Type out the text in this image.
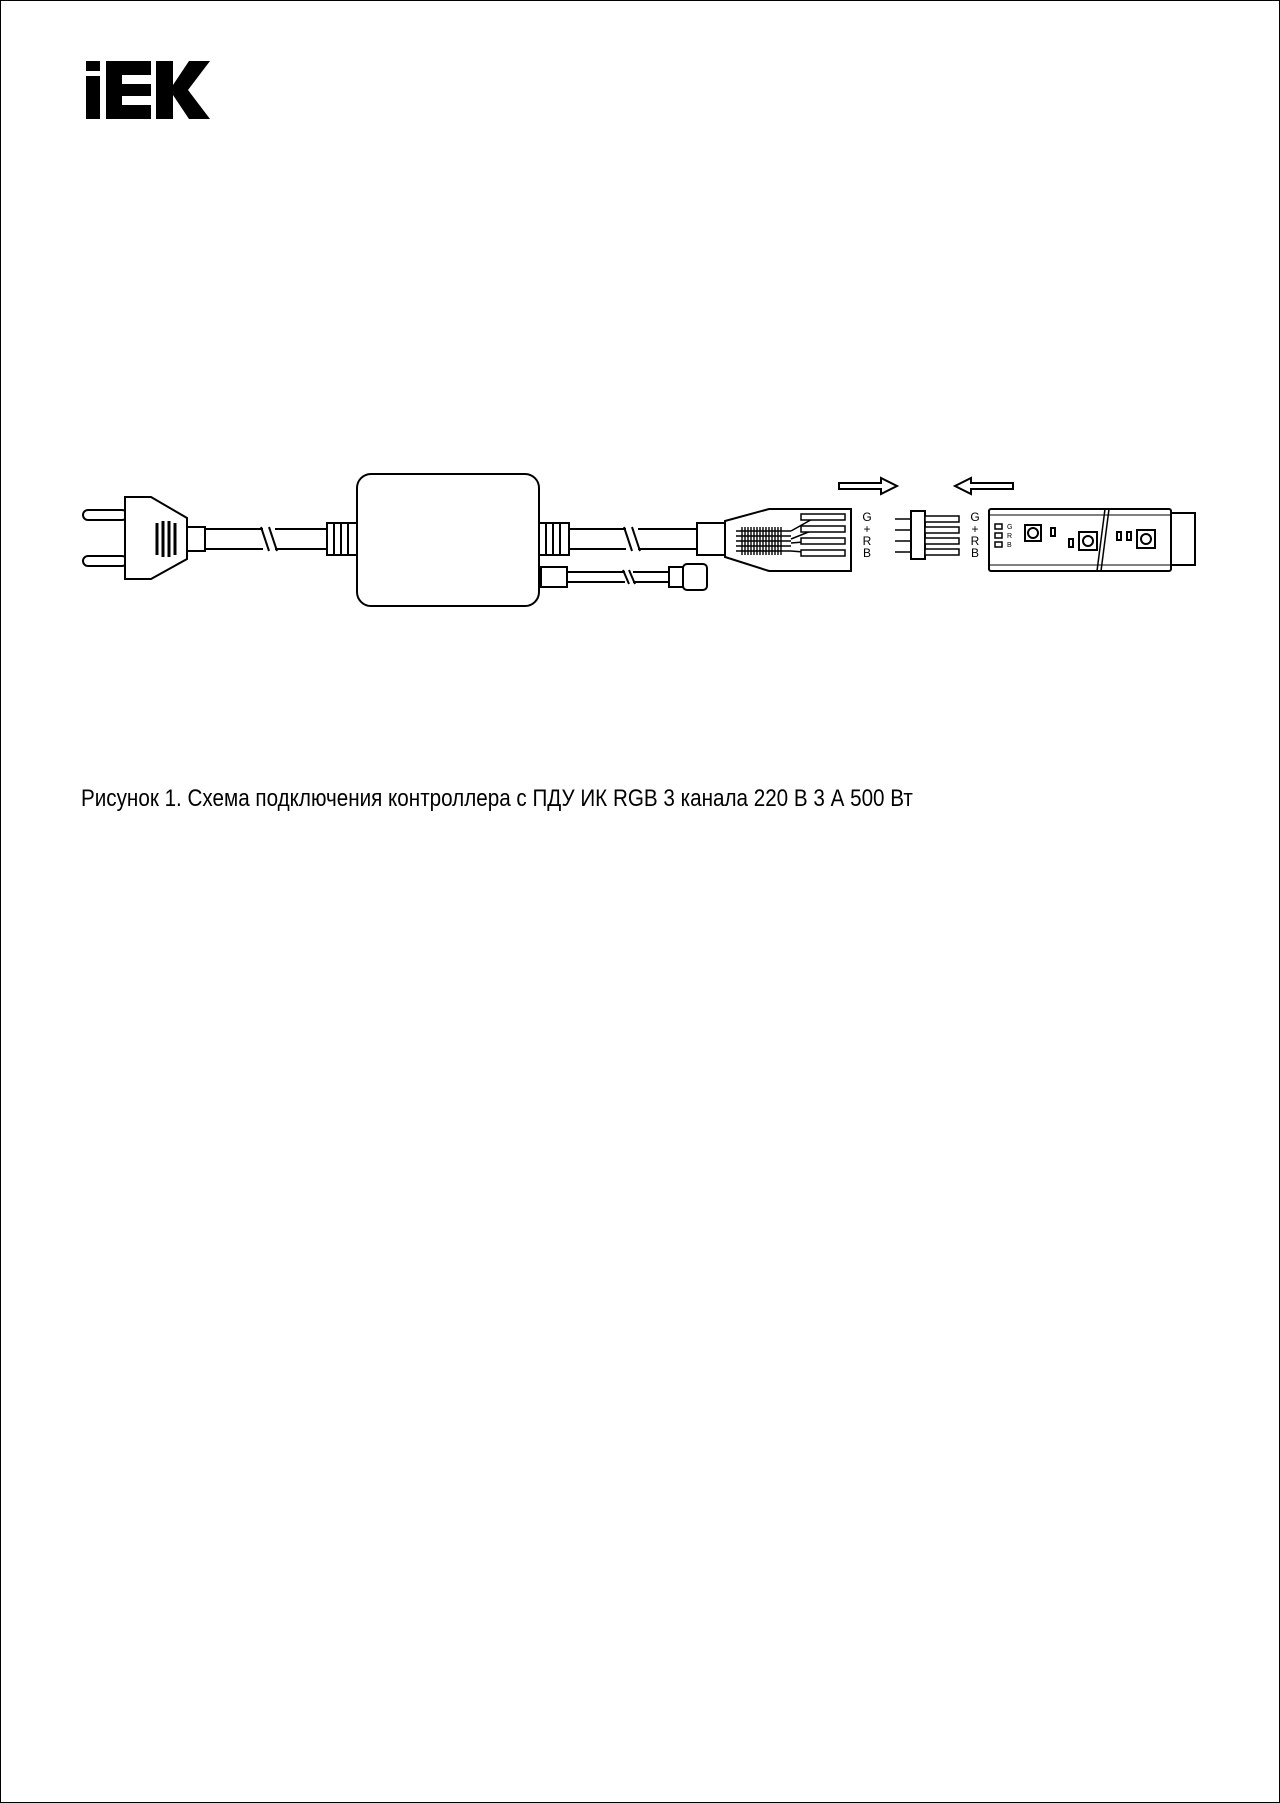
G
+
R
B
G
+
R
B
G
R
B
Рисунок 1. Схема подключения контроллера с ПДУ ИК RGB 3 канала 220 В 3 А 500 Вт
